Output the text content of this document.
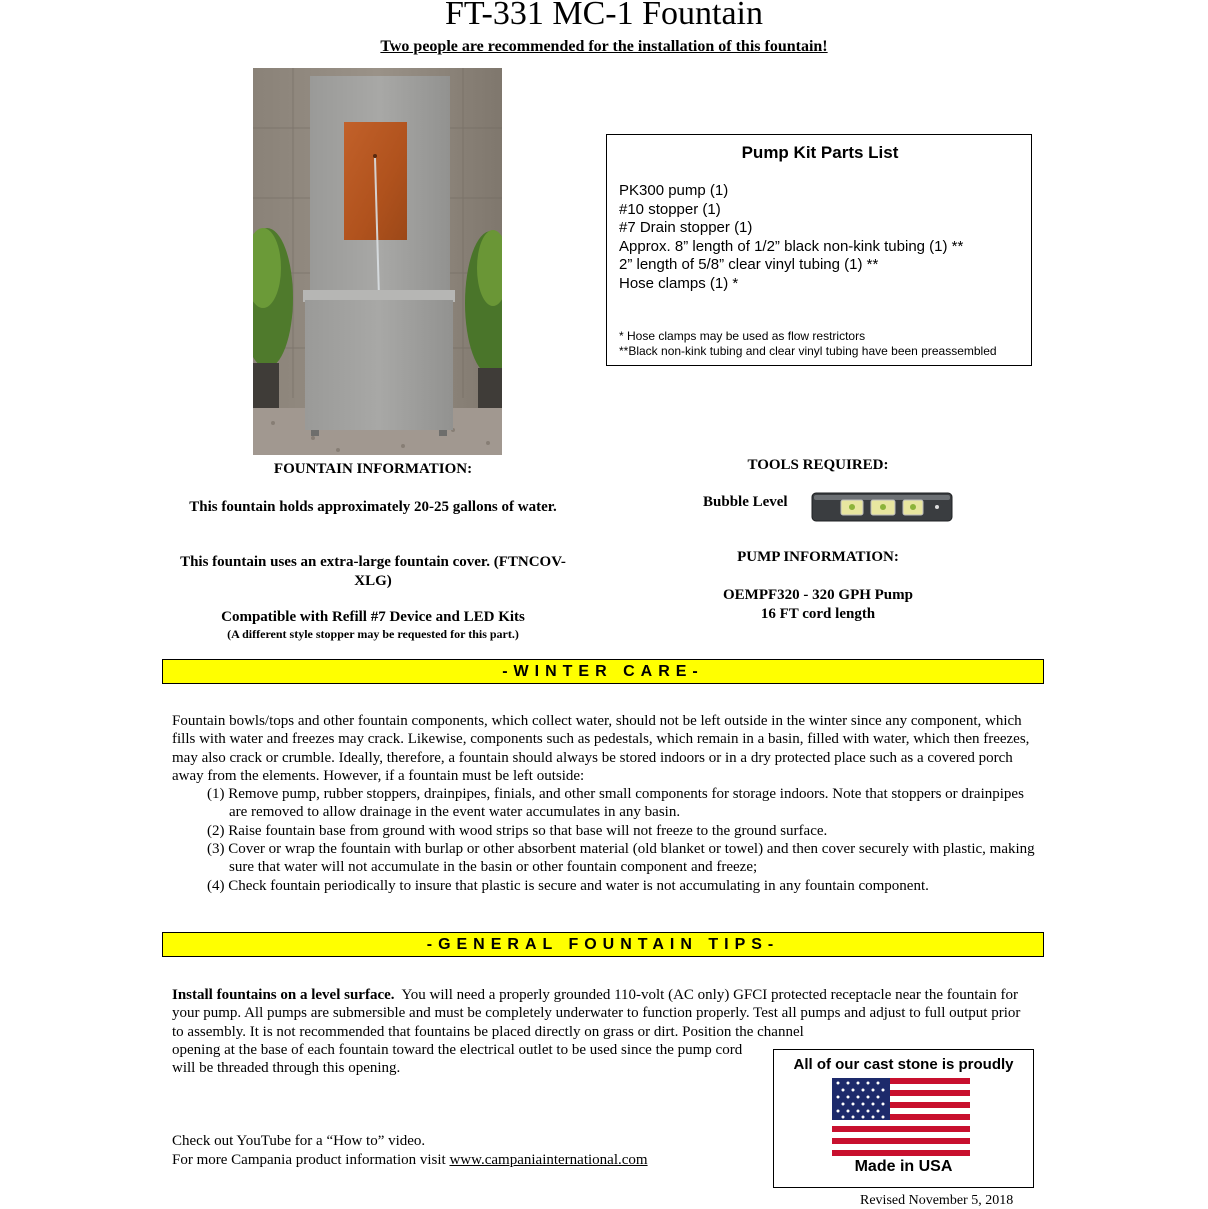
FT-331 MC-1 Fountain
Two people are recommended for the installation of this fountain!
Pump Kit Parts List
PK300 pump (1)
#10 stopper (1)
#7 Drain stopper (1)
Approx. 8” length of 1/2” black non-kink tubing (1) **
2” length of 5/8” clear vinyl tubing (1) **
Hose clamps (1) *
* Hose clamps may be used as flow restrictors
**Black non-kink tubing and clear vinyl tubing have been preassembled
FOUNTAIN INFORMATION:
This fountain holds approximately 20-25 gallons of water.
This fountain uses an extra-large fountain cover. (FTNCOV-XLG)
Compatible with Refill #7 Device and LED Kits
(A different style stopper may be requested for this part.)
TOOLS REQUIRED:
Bubble Level
PUMP INFORMATION:
OEMPF320 - 320 GPH Pump
16 FT cord length
-WINTER CARE-
Fountain bowls/tops and other fountain components, which collect water, should not be left outside in the winter since any component, which fills with water and freezes may crack. Likewise, components such as pedestals, which remain in a basin, filled with water, which then freezes, may also crack or crumble. Ideally, therefore, a fountain should always be stored indoors or in a dry protected place such as a covered porch away from the elements. However, if a fountain must be left outside:
(1) Remove pump, rubber stoppers, drainpipes, finials, and other small components for storage indoors. Note that stoppers or drainpipes are removed to allow drainage in the event water accumulates in any basin.
(2) Raise fountain base from ground with wood strips so that base will not freeze to the ground surface.
(3) Cover or wrap the fountain with burlap or other absorbent material (old blanket or towel) and then cover securely with plastic, making sure that water will not accumulate in the basin or other fountain component and freeze;
(4) Check fountain periodically to insure that plastic is secure and water is not accumulating in any fountain component.
-GENERAL FOUNTAIN TIPS-
Install fountains on a level surface. You will need a properly grounded 110-volt (AC only) GFCI protected receptacle near the fountain for your pump. All pumps are submersible and must be completely underwater to function properly. Test all pumps and adjust to full output prior to assembly. It is not recommended that fountains be placed directly on grass or dirt. Position the channel
opening at the base of each fountain toward the electrical outlet to be used since the pump cord will be threaded through this opening.
Check out YouTube for a “How to” video.
For more Campania product information visit www.campaniainternational.com
All of our cast stone is proudly
Made in USA
Revised November 5, 2018
